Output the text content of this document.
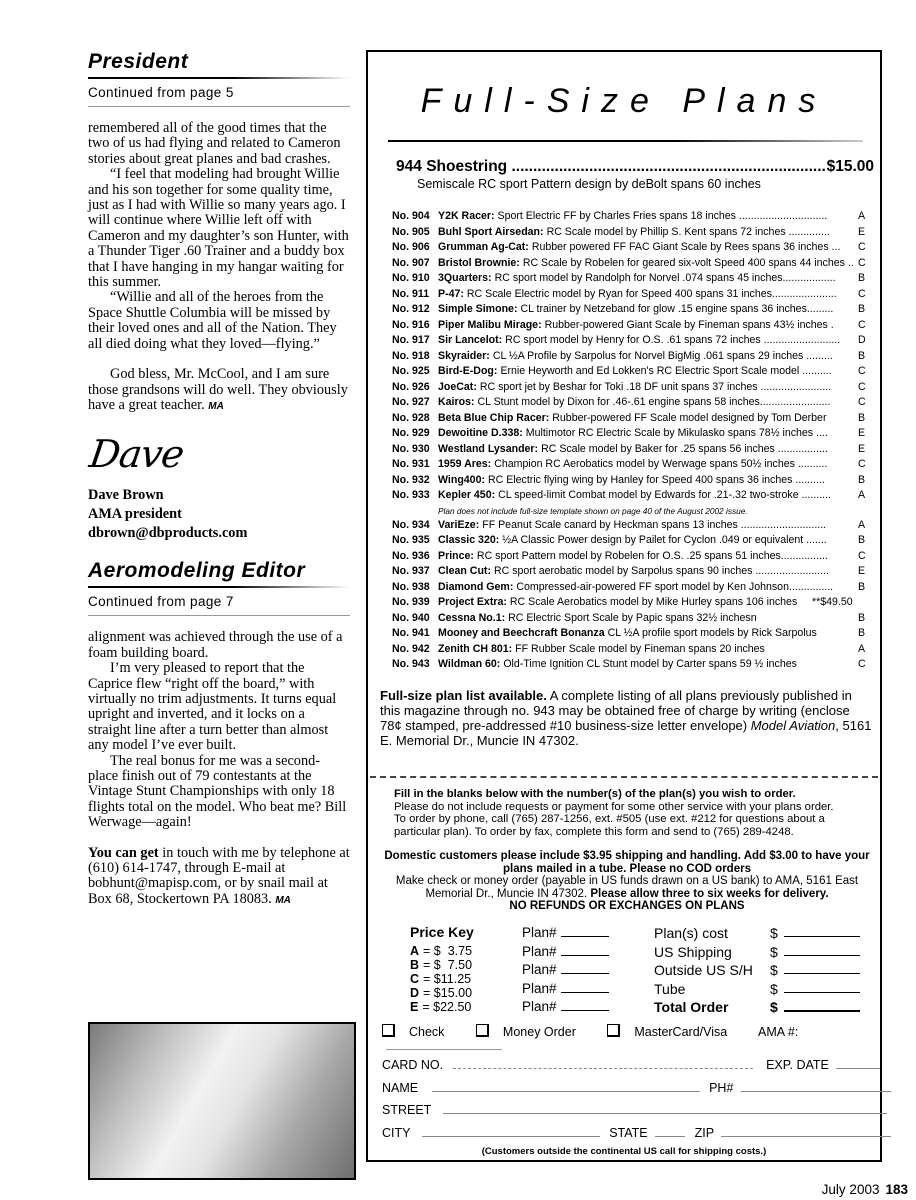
President

Continued from page 5

remembered all of the good times that the two of us had flying and related to Cameron stories about great planes and bad crashes.

“I feel that modeling had brought Willie and his son together for some quality time, just as I had with Willie so many years ago. I will continue where Willie left off with Cameron and my daughter’s son Hunter, with a Thunder Tiger .60 Trainer and a buddy box that I have hanging in my hangar waiting for this summer.

“Willie and all of the heroes from the Space Shuttle Columbia will be missed by their loved ones and all of the Nation. They all died doing what they loved—flying.”

God bless, Mr. McCool, and I am sure those grandsons will do well. They obviously have a great teacher. MA

Dave

Dave Brown

AMA president

dbrown@dbproducts.com

Aeromodeling Editor

Continued from page 7

alignment was achieved through the use of a foam building board.

I’m very pleased to report that the Caprice flew “right off the board,” with virtually no trim adjustments. It turns equal upright and inverted, and it locks on a straight line after a turn better than almost any model I’ve ever built.

The real bonus for me was a second-place finish out of 79 contestants at the Vintage Stunt Championships with only 18 flights total on the model. Who beat me? Bill Werwage—again!

You can get in touch with me by telephone at (610) 614-1747, through E-mail at bobhunt@mapisp.com, or by snail mail at Box 68, Stockertown PA 18083. MA

Full-Size Plans
944
Shoestring
.....	$15.00
Semiscale RC sport Pattern design by deBolt spans 60 inches
No. 904 Y2K Racer: Sport Electric FF by Charles Fries spans 18 inches ..............................	A
No. 905 Buhl Sport Airsedan: RC Scale model by Phillip S. Kent spans 72 inches ..............	E
No. 906 Grumman Ag-Cat: Rubber powered FF FAC Giant Scale by Rees spans 36 inches ...	C
No. 907 Bristol Brownie: RC Scale by Robelen for geared six-volt Speed 400 spans 44 inches .. C
No. 910 3Quarters: RC sport model by Randolph for Norvel .074 spans 45 inches..................	B
No. 911 P-47: RC Scale Electric model by Ryan for Speed 400 spans 31 inches......................	C
No. 912 Simple Simone: CL trainer by Netzeband for glow .15 engine spans 36 inches.........	B
No. 916 Piper Malibu Mirage: Rubber-powered Giant Scale by Fineman spans 43½ inches .	C
No. 917 Sir Lancelot: RC sport model by Henry for O.S. .61 spans 72 inches ..........................	D
No. 918 Skyraider: CL ½A Profile by Sarpolus for Norvel BigMig .061 spans 29 inches .........	B
No. 925 Bird-E-Dog: Ernie Heyworth and Ed Lokken's RC Electric Sport Scale model ..........	C
No. 926 JoeCat: RC sport jet by Beshar for Toki .18 DF unit spans 37 inches ........................	C
No. 927 Kairos: CL Stunt model by Dixon for .46-.61 engine spans 58 inches........................	C
No. 928 Beta Blue Chip Racer: Rubber-powered FF Scale model designed by Tom Derber	B
No. 929 Dewoitine D.338: Multimotor RC Electric Scale by Mikulasko spans 78½ inches ....	E
No. 930 Westland Lysander: RC Scale model by Baker for .25 spans 56 inches .................	E
No. 931 1959 Ares: Champion RC Aerobatics model by Werwage spans 50½ inches ..........	C
No. 932 Wing400: RC Electric flying wing by Hanley for Speed 400 spans 36 inches ..........	B
No. 933 Kepler 450: CL speed-limit Combat model by Edwards for .21-.32 two-stroke ..........	A
Plan does not include full-size template shown on page 40 of the August 2002 issue.
No. 934 VariEze: FF Peanut Scale canard by Heckman spans 13 inches .............................	A
No. 935 Classic 320: ½A Classic Power design by Pailet for Cyclon .049 or equivalent .......	B
No. 936 Prince: RC sport Pattern model by Robelen for O.S. .25 spans 51 inches................	C
No. 937 Clean Cut: RC sport aerobatic model by Sarpolus spans 90 inches .........................	E
No. 938 Diamond Gem: Compressed-air-powered FF sport model by Ken Johnson...............	B
No. 939 Project Extra: RC Scale Aerobatics model by Mike Hurley spans 106 inches	**$49.50
No. 940 Cessna No.1: RC Electric Sport Scale by Papic spans 32½ inchesn	B
No. 941 Mooney and Beechcraft Bonanza CL ½A profile sport models by Rick Sarpolus	B
No. 942 Zenith CH 801: FF Rubber Scale model by Fineman spans 20 inches	A
No. 943 Wildman 60: Old-Time Ignition CL Stunt model by Carter spans 59 ½ inches	C
Full-size plan list available. A complete listing of all plans previously published in this magazine through no. 943 may be obtained free of charge by writing (enclose 78¢ stamped, pre-addressed #10 business-size letter envelope) Model Aviation, 5161 E. Memorial Dr., Muncie IN 47302.
Fill in the blanks below with the number(s) of the plan(s) you wish to order.
Please do not include requests or payment for some other service with your plans order.
To order by phone, call (765) 287-1256, ext. #505 (use ext. #212 for questions about a particular plan). To order by fax, complete this form and send to (765) 289-4248.
Domestic customers please include $3.95 shipping and handling. Add $3.00 to have your plans mailed in a tube. Please no COD orders
Make check or money order (payable in US funds drawn on a US bank) to AMA, 5161 East Memorial Dr., Muncie IN 47302. Please allow three to six weeks for delivery.
NO REFUNDS OR EXCHANGES ON PLANS
Price Key
A = $  3.75
B = $  7.50
C = $11.25
D = $15.00
E = $22.50
Plan#
Plan#
Plan#
Plan#
Plan#
Plan(s) cost	$
US Shipping	$
Outside US S/H $
Tube	$
Total Order	$
Check	Money Order	MasterCard/Visa AMA #:
CARD NO.	EXP. DATE
NAME	PH#
STREET
CITY	STATE	ZIP
(Customers outside the continental US call for shipping costs.)
July 2003 183
